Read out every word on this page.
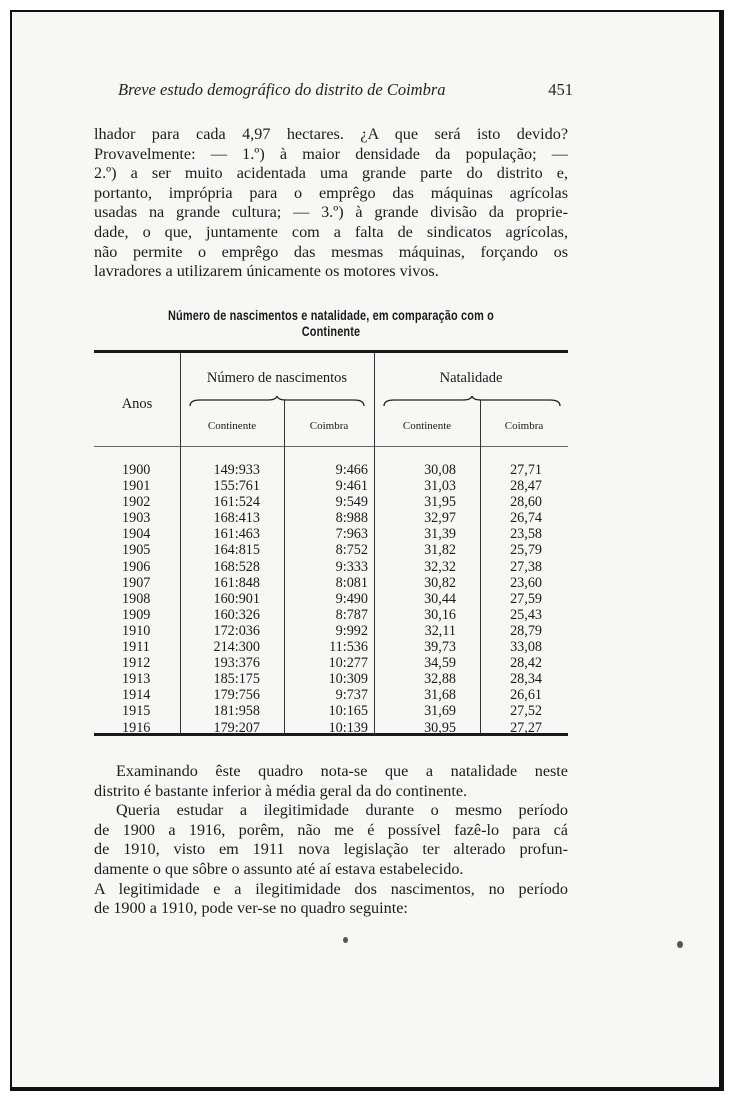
Breve estudo demográfico do distrito de Coimbra	451
lhador para cada 4,97 hectares. ¿A que será isto devido?
Provavelmente: — 1.º) à maior densidade da população; —
2.º) a ser muito acidentada uma grande parte do distrito e,
portanto, imprópria para o emprêgo das máquinas agrícolas
usadas na grande cultura; — 3.º) à grande divisão da proprie-
dade, o que, juntamente com a falta de sindicatos agrícolas,
não permite o emprêgo das mesmas máquinas, forçando os
lavradores a utilizarem únicamente os motores vivos.
Número de nascimentos e natalidade, em comparação com o Continente
Anos
Número de nascimentos	Natalidade
Continente	Coimbra	Continente	Coimbra
1900	149:933	9:466	30,08	27,71
1901	155:761	9:461	31,03	28,47
1902	161:524	9:549	31,95	28,60
1903	168:413	8:988	32,97	26,74
1904	161:463	7:963	31,39	23,58
1905	164:815	8:752	31,82	25,79
1906	168:528	9:333	32,32	27,38
1907	161:848	8:081	30,82	23,60
1908	160:901	9:490	30,44	27,59
1909	160:326	8:787	30,16	25,43
1910	172:036	9:992	32,11	28,79
1911	214:300	11:536	39,73	33,08
1912	193:376	10:277	34,59	28,42
1913	185:175	10:309	32,88	28,34
1914	179:756	9:737	31,68	26,61
1915	181:958	10:165	31,69	27,52
1916	179:207	10:139	30,95	27,27
Examinando êste quadro nota-se que a natalidade neste
distrito é bastante inferior à média geral da do continente.
Queria estudar a ilegitimidade durante o mesmo período
de 1900 a 1916, porêm, não me é possível fazê-lo para cá
de 1910, visto em 1911 nova legislação ter alterado profun-
damente o que sôbre o assunto até aí estava estabelecido.
A legitimidade e a ilegitimidade dos nascimentos, no período
de 1900 a 1910, pode ver-se no quadro seguinte:
